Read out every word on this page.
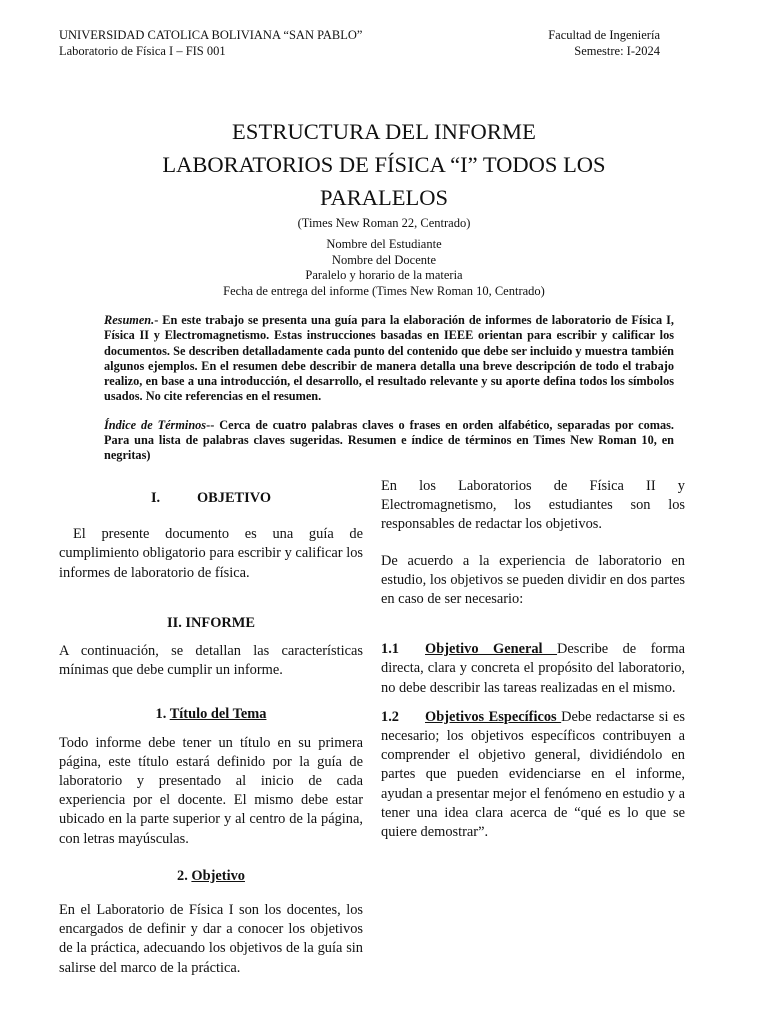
UNIVERSIDAD CATOLICA BOLIVIANA “SAN PABLO”
Laboratorio de Física I – FIS 001
Facultad de Ingeniería
Semestre: I-2024
ESTRUCTURA DEL INFORME
LABORATORIOS DE FÍSICA “I” TODOS LOS
PARALELOS
(Times New Roman 22, Centrado)
Nombre del Estudiante
Nombre del Docente
Paralelo y horario de la materia
Fecha de entrega del informe (Times New Roman 10, Centrado)

Resumen.- En este trabajo se presenta una guía para la elaboración de informes de laboratorio de Física I, Física II y Electromagnetismo. Estas instrucciones basadas en IEEE orientan para escribir y calificar los documentos. Se describen detalladamente cada punto del contenido que debe ser incluido y muestra también algunos ejemplos. En el resumen debe describir de manera detalla una breve descripción de todo el trabajo realizo, en base a una introducción, el desarrollo, el resultado relevante y su aporte defina todos los símbolos usados. No cite referencias en el resumen.

Índice de Términos-- Cerca de cuatro palabras claves o frases en orden alfabético, separadas por comas. Para una lista de palabras claves sugeridas. Resumen e índice de términos en Times New Roman 10, en negritas)

I.	OBJETIVO

El presente documento es una guía de cumplimiento obligatorio para escribir y calificar los informes de laboratorio de física.

II. INFORME

A continuación, se detallan las características mínimas que debe cumplir un informe.

1. Título del Tema

Todo informe debe tener un título en su primera página, este título estará definido por la guía de laboratorio y presentado al inicio de cada experiencia por el docente. El mismo debe estar ubicado en la parte superior y al centro de la página, con letras mayúsculas.

2. Objetivo

En el Laboratorio de Física I son los docentes, los encargados de definir y dar a conocer los objetivos de la práctica, adecuando los objetivos de la guía sin salirse del marco de la práctica.

En los Laboratorios de Física II y Electromagnetismo, los estudiantes son los responsables de redactar los objetivos.

De acuerdo a la experiencia de laboratorio en estudio, los objetivos se pueden dividir en dos partes en caso de ser necesario:

1.1 Objetivo General Describe de forma directa, clara y concreta el propósito del laboratorio, no debe describir las tareas realizadas en el mismo.

1.2 Objetivos Específicos Debe redactarse si es necesario; los objetivos específicos contribuyen a comprender el objetivo general, dividiéndolo en partes que pueden evidenciarse en el informe, ayudan a presentar mejor el fenómeno en estudio y a tener una idea clara acerca de “qué es lo que se quiere demostrar”.
